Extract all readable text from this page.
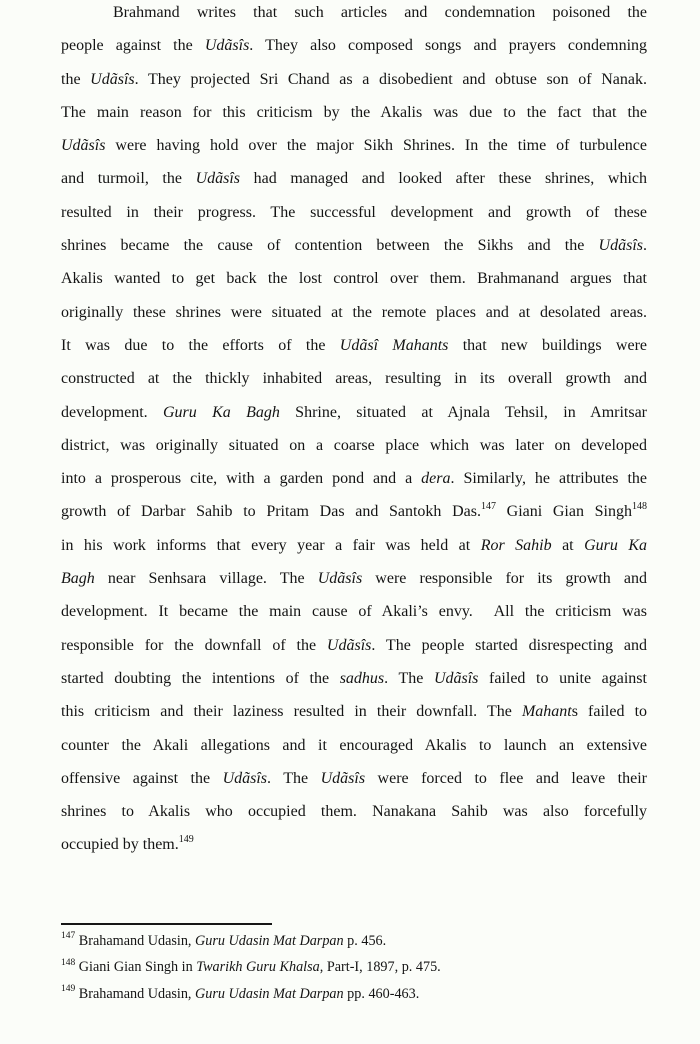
Brahmand writes that such articles and condemnation poisoned the
people against the Udãsîs. They also composed songs and prayers condemning
the Udãsîs. They projected Sri Chand as a disobedient and obtuse son of Nanak.
The main reason for this criticism by the Akalis was due to the fact that the
Udãsîs were having hold over the major Sikh Shrines. In the time of turbulence
and turmoil, the Udãsîs had managed and looked after these shrines, which
resulted in their progress. The successful development and growth of these
shrines became the cause of contention between the Sikhs and the Udãsîs.
Akalis wanted to get back the lost control over them. Brahmanand argues that
originally these shrines were situated at the remote places and at desolated areas.
It was due to the efforts of the Udãsî Mahants that new buildings were
constructed at the thickly inhabited areas, resulting in its overall growth and
development. Guru Ka Bagh Shrine, situated at Ajnala Tehsil, in Amritsar
district, was originally situated on a coarse place which was later on developed
into a prosperous cite, with a garden pond and a dera. Similarly, he attributes the
growth of Darbar Sahib to Pritam Das and Santokh Das.$^{147}$ Giani Gian Singh$^{148}$
in his work informs that every year a fair was held at Ror Sahib at Guru Ka
Bagh near Senhsara village. The Udãsîs were responsible for its growth and
development. It became the main cause of Akali’s envy.  All the criticism was
responsible for the downfall of the Udãsîs. The people started disrespecting and
started doubting the intentions of the sadhus. The Udãsîs failed to unite against
this criticism and their laziness resulted in their downfall. The Mahants failed to
counter the Akali allegations and it encouraged Akalis to launch an extensive
offensive against the Udãsîs. The Udãsîs were forced to flee and leave their
shrines to Akalis who occupied them. Nanakana Sahib was also forcefully
occupied by them.$^{149}$
$^{147}$ Brahamand Udasin, Guru Udasin Mat Darpan p. 456.
$^{148}$ Giani Gian Singh in Twarikh Guru Khalsa, Part-I, 1897, p. 475.
$^{149}$ Brahamand Udasin, Guru Udasin Mat Darpan pp. 460-463.
